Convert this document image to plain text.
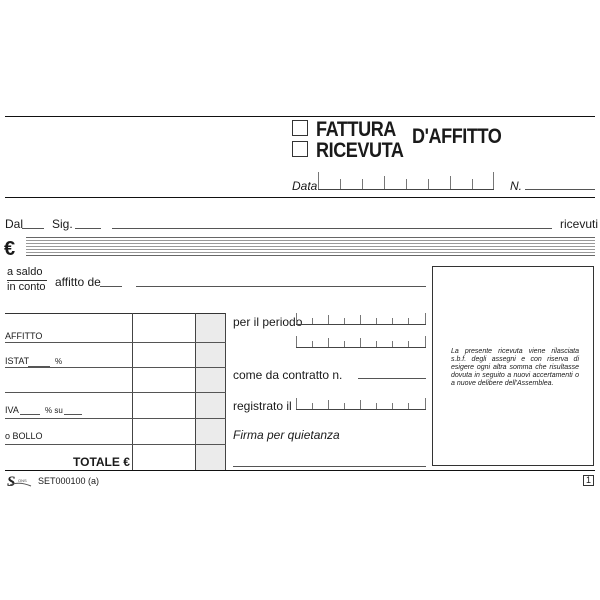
FATTURA
RICEVUTA
D'AFFITTO
Data	N.
Dal Sig.	ricevuti
€
a saldo
in conto affitto de
La presente ricevuta viene rilasciata s.b.f. degli assegni e con riserva di esigere ogni altra somma che risultasse dovuta in seguito a nuovi accertamenti o a nuove delibere dell'Assemblea.
AFFITTO
ISTAT	%
IVA	% su
o BOLLO
TOTALE €
per il periodo
come da contratto n.
registrato il
Firma per quietanza
S ONS SET000100 (a)	1
